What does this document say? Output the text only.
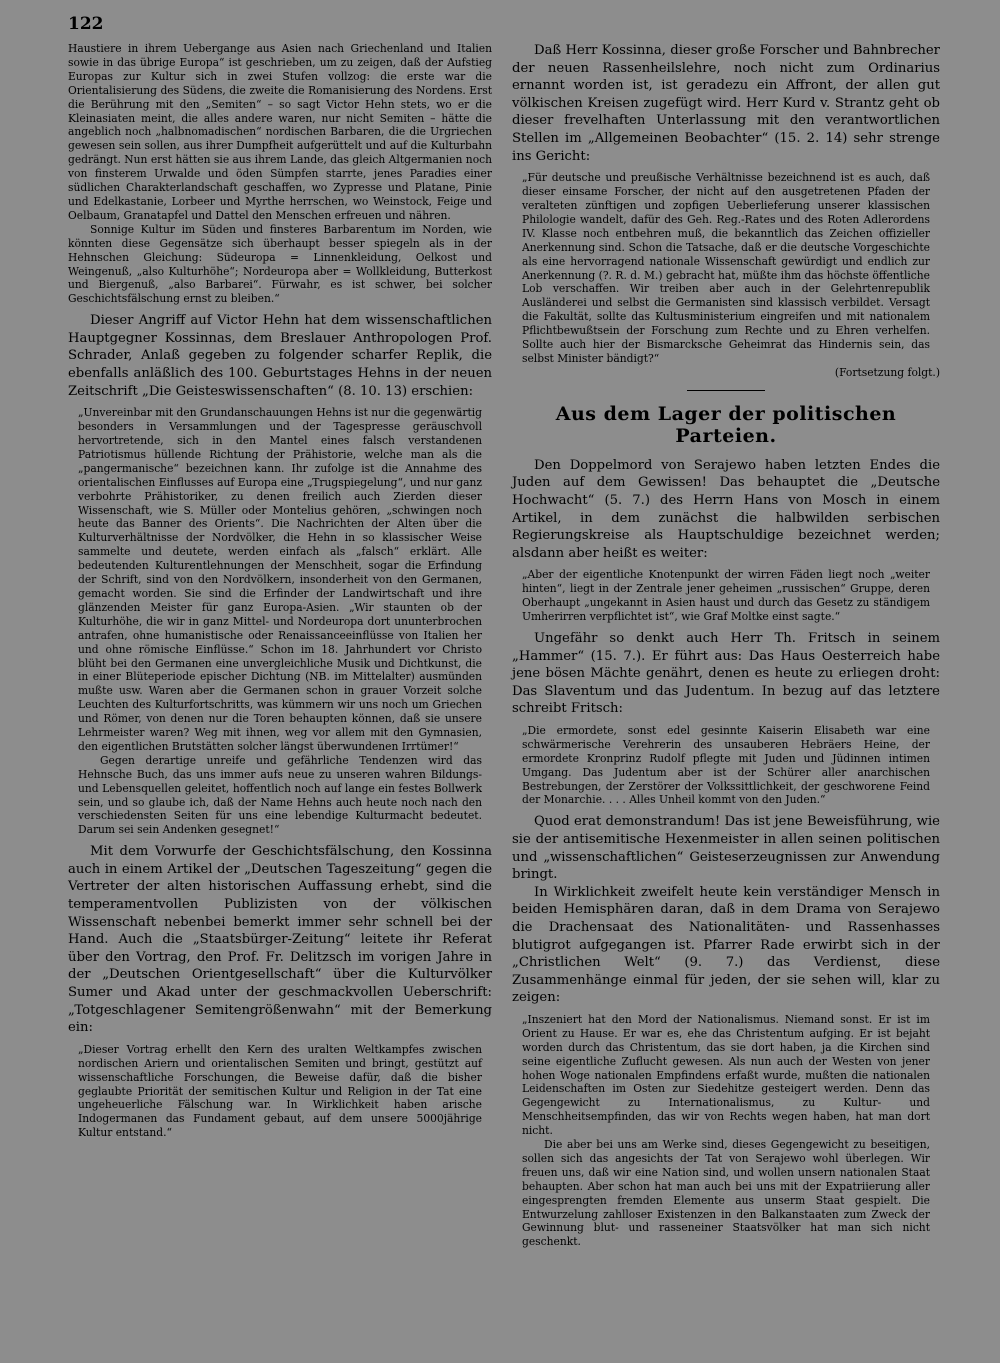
122

Haustiere in ihrem Uebergange aus Asien nach Griechenland und Italien sowie in das übrige Europa“ ist geschrieben, um zu zeigen, daß der Aufstieg Europas zur Kultur sich in zwei Stufen vollzog: die erste war die Orientalisierung des Südens, die zweite die Romanisierung des Nordens. Erst die Berührung mit den „Semiten“ – so sagt Victor Hehn stets, wo er die Kleinasiaten meint, die alles andere waren, nur nicht Semiten – hätte die angeblich noch „halbnomadischen“ nordischen Barbaren, die die Urgriechen gewesen sein sollen, aus ihrer Dumpfheit aufgerüttelt und auf die Kulturbahn gedrängt. Nun erst hätten sie aus ihrem Lande, das gleich Altgermanien noch von finsterem Urwalde und öden Sümpfen starrte, jenes Paradies einer südlichen Charakterlandschaft geschaffen, wo Zypresse und Platane, Pinie und Edelkastanie, Lorbeer und Myrthe herrschen, wo Weinstock, Feige und Oelbaum, Granatapfel und Dattel den Menschen erfreuen und nähren.

Sonnige Kultur im Süden und finsteres Barbarentum im Norden, wie könnten diese Gegensätze sich überhaupt besser spiegeln als in der Hehnschen Gleichung: Südeuropa = Linnenkleidung, Oelkost und Weingenuß, „also Kulturhöhe“; Nordeuropa aber = Wollkleidung, Butterkost und Biergenuß, „also Barbarei“. Fürwahr, es ist schwer, bei solcher Geschichtsfälschung ernst zu bleiben.“

Dieser Angriff auf Victor Hehn hat dem wissenschaftlichen Hauptgegner Kossinnas, dem Breslauer Anthropologen Prof. Schrader, Anlaß gegeben zu folgender scharfer Replik, die ebenfalls anläßlich des 100. Geburtstages Hehns in der neuen Zeitschrift „Die Geisteswissenschaften“ (8. 10. 13) erschien:

„Unvereinbar mit den Grundanschauungen Hehns ist nur die gegenwärtig besonders in Versammlungen und der Tagespresse geräuschvoll hervortretende, sich in den Mantel eines falsch verstandenen Patriotismus hüllende Richtung der Prähistorie, welche man als die „pangermanische“ bezeichnen kann. Ihr zufolge ist die Annahme des orientalischen Einflusses auf Europa eine „Trugspiegelung“, und nur ganz verbohrte Prähistoriker, zu denen freilich auch Zierden dieser Wissenschaft, wie S. Müller oder Montelius gehören, „schwingen noch heute das Banner des Orients“. Die Nachrichten der Alten über die Kulturverhältnisse der Nordvölker, die Hehn in so klassischer Weise sammelte und deutete, werden einfach als „falsch“ erklärt. Alle bedeutenden Kulturentlehnungen der Menschheit, sogar die Erfindung der Schrift, sind von den Nordvölkern, insonderheit von den Germanen, gemacht worden. Sie sind die Erfinder der Landwirtschaft und ihre glänzenden Meister für ganz Europa-Asien. „Wir staunten ob der Kulturhöhe, die wir in ganz Mittel- und Nordeuropa dort ununterbrochen antrafen, ohne humanistische oder Renaissanceeinflüsse von Italien her und ohne römische Einflüsse.“ Schon im 18. Jahrhundert vor Christo blüht bei den Germanen eine unvergleichliche Musik und Dichtkunst, die in einer Blüteperiode epischer Dichtung (NB. im Mittelalter) ausmünden mußte usw. Waren aber die Germanen schon in grauer Vorzeit solche Leuchten des Kulturfortschritts, was kümmern wir uns noch um Griechen und Römer, von denen nur die Toren behaupten können, daß sie unsere Lehrmeister waren? Weg mit ihnen, weg vor allem mit den Gymnasien, den eigentlichen Brutstätten solcher längst überwundenen Irrtümer!“

Gegen derartige unreife und gefährliche Tendenzen wird das Hehnsche Buch, das uns immer aufs neue zu unseren wahren Bildungs- und Lebensquellen geleitet, hoffentlich noch auf lange ein festes Bollwerk sein, und so glaube ich, daß der Name Hehns auch heute noch nach den verschiedensten Seiten für uns eine lebendige Kulturmacht bedeutet. Darum sei sein Andenken gesegnet!“

Mit dem Vorwurfe der Geschichtsfälschung, den Kossinna auch in einem Artikel der „Deutschen Tageszeitung“ gegen die Vertreter der alten historischen Auffassung erhebt, sind die temperamentvollen Publizisten von der völkischen Wissenschaft nebenbei bemerkt immer sehr schnell bei der Hand. Auch die „Staatsbürger-Zeitung“ leitete ihr Referat über den Vortrag, den Prof. Fr. Delitzsch im vorigen Jahre in der „Deutschen Orientgesellschaft“ über die Kulturvölker Sumer und Akad unter der geschmackvollen Ueberschrift: „Totgeschlagener Semitengrößenwahn“ mit der Bemerkung ein:

„Dieser Vortrag erhellt den Kern des uralten Weltkampfes zwischen nordischen Ariern und orientalischen Semiten und bringt, gestützt auf wissenschaftliche Forschungen, die Beweise dafür, daß die bisher geglaubte Priorität der semitischen Kultur und Religion in der Tat eine ungeheuerliche Fälschung war. In Wirklichkeit haben arische Indogermanen das Fundament gebaut, auf dem unsere 5000jährige Kultur entstand.“

Daß Herr Kossinna, dieser große Forscher und Bahnbrecher der neuen Rassenheilslehre, noch nicht zum Ordinarius ernannt worden ist, ist geradezu ein Affront, der allen gut völkischen Kreisen zugefügt wird. Herr Kurd v. Strantz geht ob dieser frevelhaften Unterlassung mit den verantwortlichen Stellen im „Allgemeinen Beobachter“ (15. 2. 14) sehr strenge ins Gericht:

„Für deutsche und preußische Verhältnisse bezeichnend ist es auch, daß dieser einsame Forscher, der nicht auf den ausgetretenen Pfaden der veralteten zünftigen und zopfigen Ueberlieferung unserer klassischen Philologie wandelt, dafür des Geh. Reg.-Rates und des Roten Adlerordens IV. Klasse noch entbehren muß, die bekanntlich das Zeichen offizieller Anerkennung sind. Schon die Tatsache, daß er die deutsche Vorgeschichte als eine hervorragend nationale Wissenschaft gewürdigt und endlich zur Anerkennung (?. R. d. M.) gebracht hat, müßte ihm das höchste öffentliche Lob verschaffen. Wir treiben aber auch in der Gelehrtenrepublik Ausländerei und selbst die Germanisten sind klassisch verbildet. Versagt die Fakultät, sollte das Kultusministerium eingreifen und mit nationalem Pflichtbewußtsein der Forschung zum Rechte und zu Ehren verhelfen. Sollte auch hier der Bismarcksche Geheimrat das Hindernis sein, das selbst Minister bändigt?“

(Fortsetzung folgt.)

Aus dem Lager der politischen Parteien.

Den Doppelmord von Serajewo haben letzten Endes die Juden auf dem Gewissen! Das behauptet die „Deutsche Hochwacht“ (5. 7.) des Herrn Hans von Mosch in einem Artikel, in dem zunächst die halbwilden serbischen Regierungskreise als Hauptschuldige bezeichnet werden; alsdann aber heißt es weiter:

„Aber der eigentliche Knotenpunkt der wirren Fäden liegt noch „weiter hinten“, liegt in der Zentrale jener geheimen „russischen“ Gruppe, deren Oberhaupt „ungekannt in Asien haust und durch das Gesetz zu ständigem Umherirren verpflichtet ist“, wie Graf Moltke einst sagte.“

Ungefähr so denkt auch Herr Th. Fritsch in seinem „Hammer“ (15. 7.). Er führt aus: Das Haus Oesterreich habe jene bösen Mächte genährt, denen es heute zu erliegen droht: Das Slaventum und das Judentum. In bezug auf das letztere schreibt Fritsch:

„Die ermordete, sonst edel gesinnte Kaiserin Elisabeth war eine schwärmerische Verehrerin des unsauberen Hebräers Heine, der ermordete Kronprinz Rudolf pflegte mit Juden und Jüdinnen intimen Umgang. Das Judentum aber ist der Schürer aller anarchischen Bestrebungen, der Zerstörer der Volkssittlichkeit, der geschworene Feind der Monarchie. . . . Alles Unheil kommt von den Juden.“

Quod erat demonstrandum! Das ist jene Beweisführung, wie sie der antisemitische Hexenmeister in allen seinen politischen und „wissenschaftlichen“ Geisteserzeugnissen zur Anwendung bringt.

In Wirklichkeit zweifelt heute kein verständiger Mensch in beiden Hemisphären daran, daß in dem Drama von Serajewo die Drachensaat des Nationalitäten- und Rassenhasses blutigrot aufgegangen ist. Pfarrer Rade erwirbt sich in der „Christlichen Welt“ (9. 7.) das Verdienst, diese Zusammenhänge einmal für jeden, der sie sehen will, klar zu zeigen:

„Inszeniert hat den Mord der Nationalismus. Niemand sonst. Er ist im Orient zu Hause. Er war es, ehe das Christentum aufging. Er ist bejaht worden durch das Christentum, das sie dort haben, ja die Kirchen sind seine eigentliche Zuflucht gewesen. Als nun auch der Westen von jener hohen Woge nationalen Empfindens erfaßt wurde, mußten die nationalen Leidenschaften im Osten zur Siedehitze gesteigert werden. Denn das Gegengewicht zu Internationalismus, zu Kultur- und Menschheitsempfinden, das wir von Rechts wegen haben, hat man dort nicht.

Die aber bei uns am Werke sind, dieses Gegengewicht zu beseitigen, sollen sich das angesichts der Tat von Serajewo wohl überlegen. Wir freuen uns, daß wir eine Nation sind, und wollen unsern nationalen Staat behaupten. Aber schon hat man auch bei uns mit der Expatriierung aller eingesprengten fremden Elemente aus unserm Staat gespielt. Die Entwurzelung zahlloser Existenzen in den Balkanstaaten zum Zweck der Gewinnung blut- und rasseneiner Staatsvölker hat man sich nicht geschenkt.
